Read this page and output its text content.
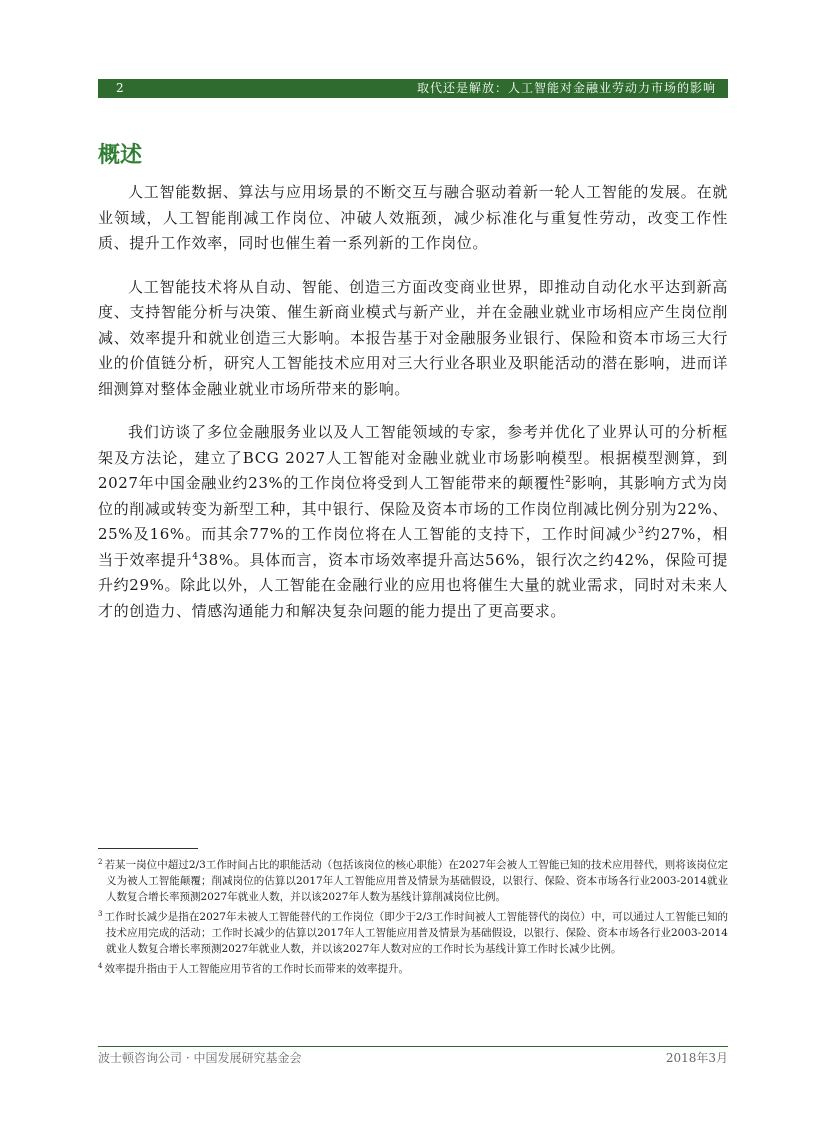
2	取代还是解放：人工智能对金融业劳动力市场的影响
概述

人工智能数据、算法与应用场景的不断交互与融合驱动着新一轮人工智能的发展。在就业领域，人工智能削减工作岗位、冲破人效瓶颈，减少标准化与重复性劳动，改变工作性质、提升工作效率，同时也催生着一系列新的工作岗位。

人工智能技术将从自动、智能、创造三方面改变商业世界，即推动自动化水平达到新高度、支持智能分析与决策、催生新商业模式与新产业，并在金融业就业市场相应产生岗位削减、效率提升和就业创造三大影响。本报告基于对金融服务业银行、保险和资本市场三大行业的价值链分析，研究人工智能技术应用对三大行业各职业及职能活动的潜在影响，进而详细测算对整体金融业就业市场所带来的影响。

我们访谈了多位金融服务业以及人工智能领域的专家，参考并优化了业界认可的分析框架及方法论，建立了BCG 2027人工智能对金融业就业市场影响模型。根据模型测算，到2027年中国金融业约23%的工作岗位将受到人工智能带来的颠覆性$^2$影响，其影响方式为岗位的削减或转变为新型工种，其中银行、保险及资本市场的工作岗位削减比例分别为22%、25%及16%。而其余77%的工作岗位将在人工智能的支持下，工作时间减少$^3$约27%，相当于效率提升$^4$38%。具体而言，资本市场效率提升高达56%，银行次之约42%，保险可提升约29%。除此以外，人工智能在金融行业的应用也将催生大量的就业需求，同时对未来人才的创造力、情感沟通能力和解决复杂问题的能力提出了更高要求。

$^2$ 若某一岗位中超过2/3工作时间占比的职能活动（包括该岗位的核心职能）在2027年会被人工智能已知的技术应用替代，则将该岗位定义为被人工智能颠覆；削减岗位的估算以2017年人工智能应用普及情景为基础假设，以银行、保险、资本市场各行业2003-2014就业人数复合增长率预测2027年就业人数，并以该2027年人数为基线计算削减岗位比例。

$^3$ 工作时长减少是指在2027年未被人工智能替代的工作岗位（即少于2/3工作时间被人工智能替代的岗位）中，可以通过人工智能已知的技术应用完成的活动；工作时长减少的估算以2017年人工智能应用普及情景为基础假设，以银行、保险、资本市场各行业2003-2014就业人数复合增长率预测2027年就业人数，并以该2027年人数对应的工作时长为基线计算工作时长减少比例。

$^4$ 效率提升指由于人工智能应用节省的工作时长而带来的效率提升。

波士顿咨询公司 · 中国发展研究基金会	2018年3月
